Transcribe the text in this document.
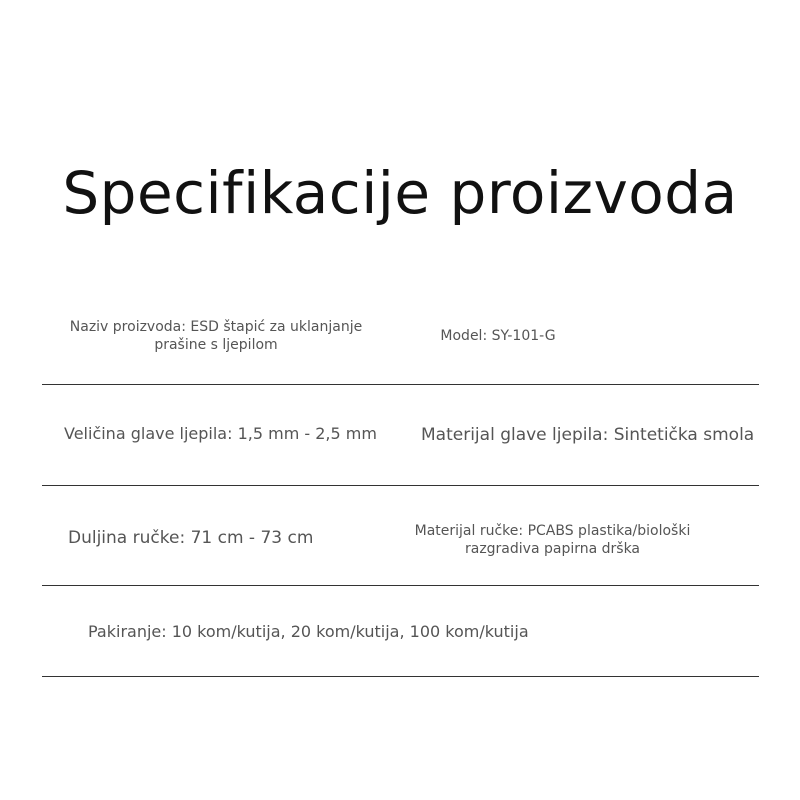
Specifikacije proizvoda
Naziv proizvoda: ESD štapić za uklanjanje
prašine s ljepilom
Model: SY-101-G
Veličina glave ljepila: 1,5 mm - 2,5 mm	Materijal glave ljepila: Sintetička smola
Duljina ručke: 71 cm - 73 cm	Materijal ručke: PCABS plastika/biološki
razgradiva papirna drška
Pakiranje: 10 kom/kutija, 20 kom/kutija, 100 kom/kutija
